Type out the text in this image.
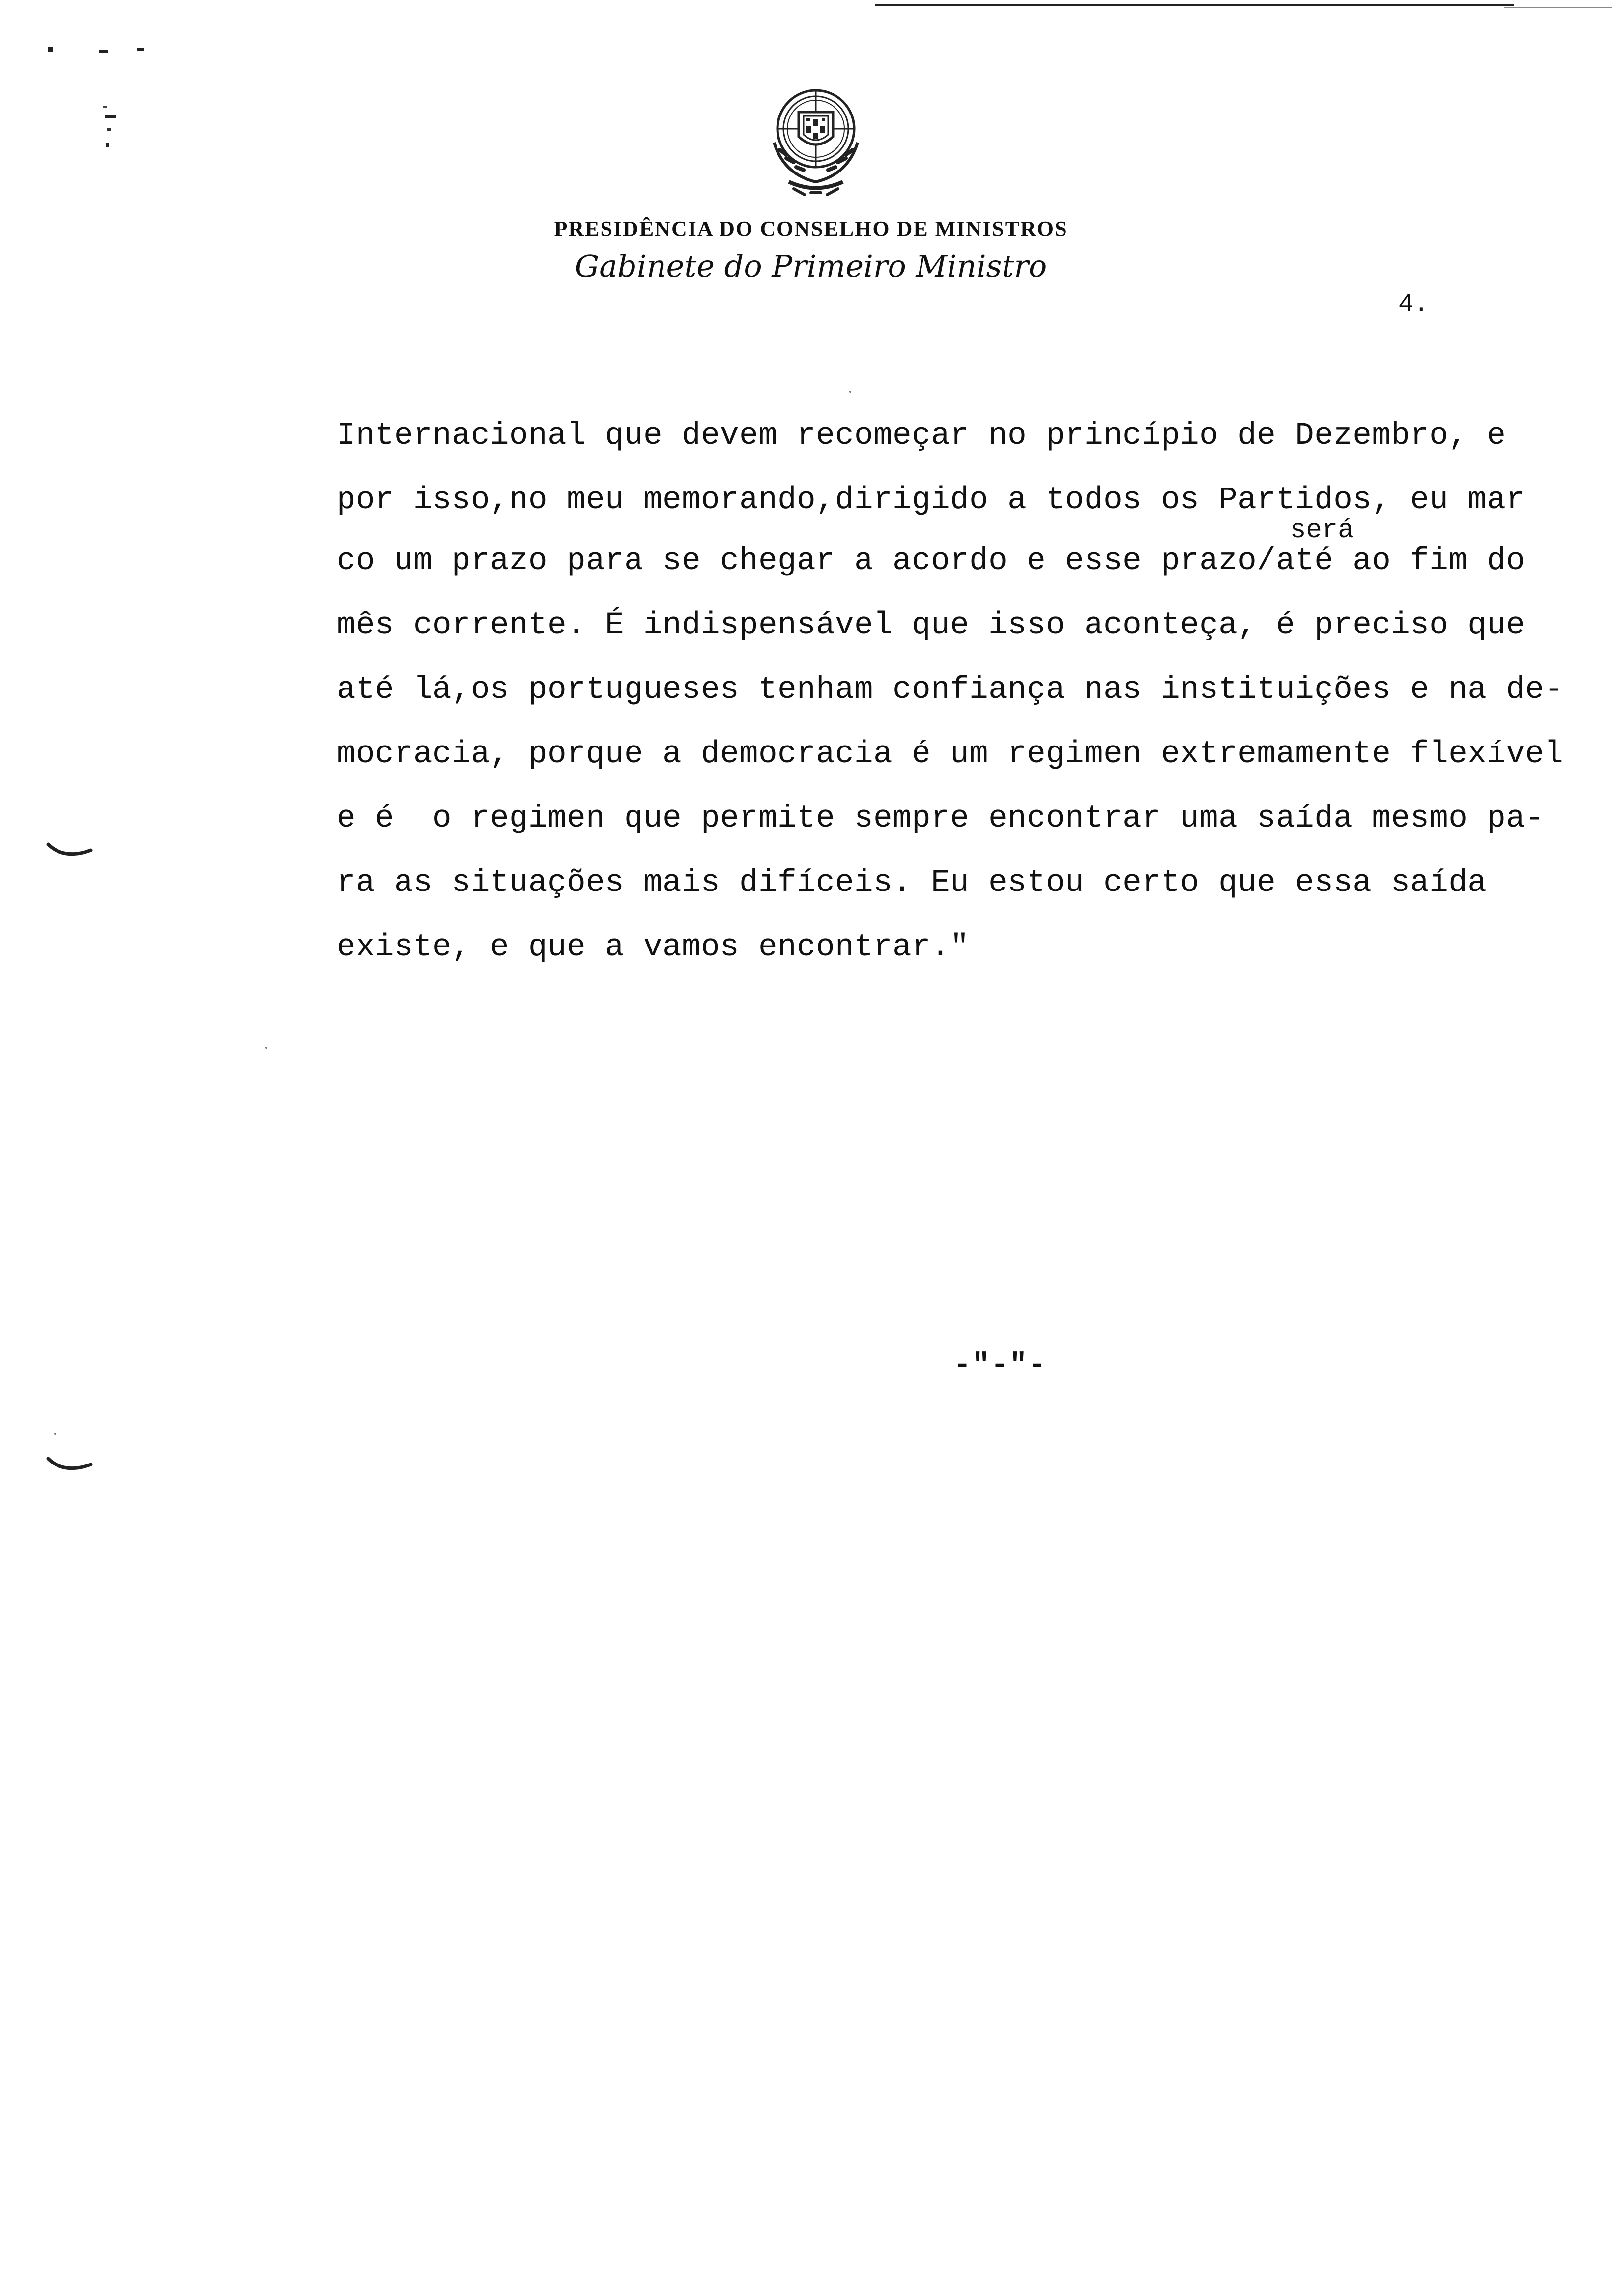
PRESIDÊNCIA DO CONSELHO DE MINISTROS
Gabinete do Primeiro Ministro
4.
Internacional que devem recomeçar no princípio de Dezembro, e
por isso,no meu memorando,dirigido a todos os Partidos, eu mar
será
co um prazo para se chegar a acordo e esse prazo/até ao fim do
mês corrente. É indispensável que isso aconteça, é preciso que
até lá,os portugueses tenham confiança nas instituições e na de-
mocracia, porque a democracia é um regimen extremamente flexível
e é  o regimen que permite sempre encontrar uma saída mesmo pa-
ra as situações mais difíceis. Eu estou certo que essa saída
existe, e que a vamos encontrar."
-"-"-
